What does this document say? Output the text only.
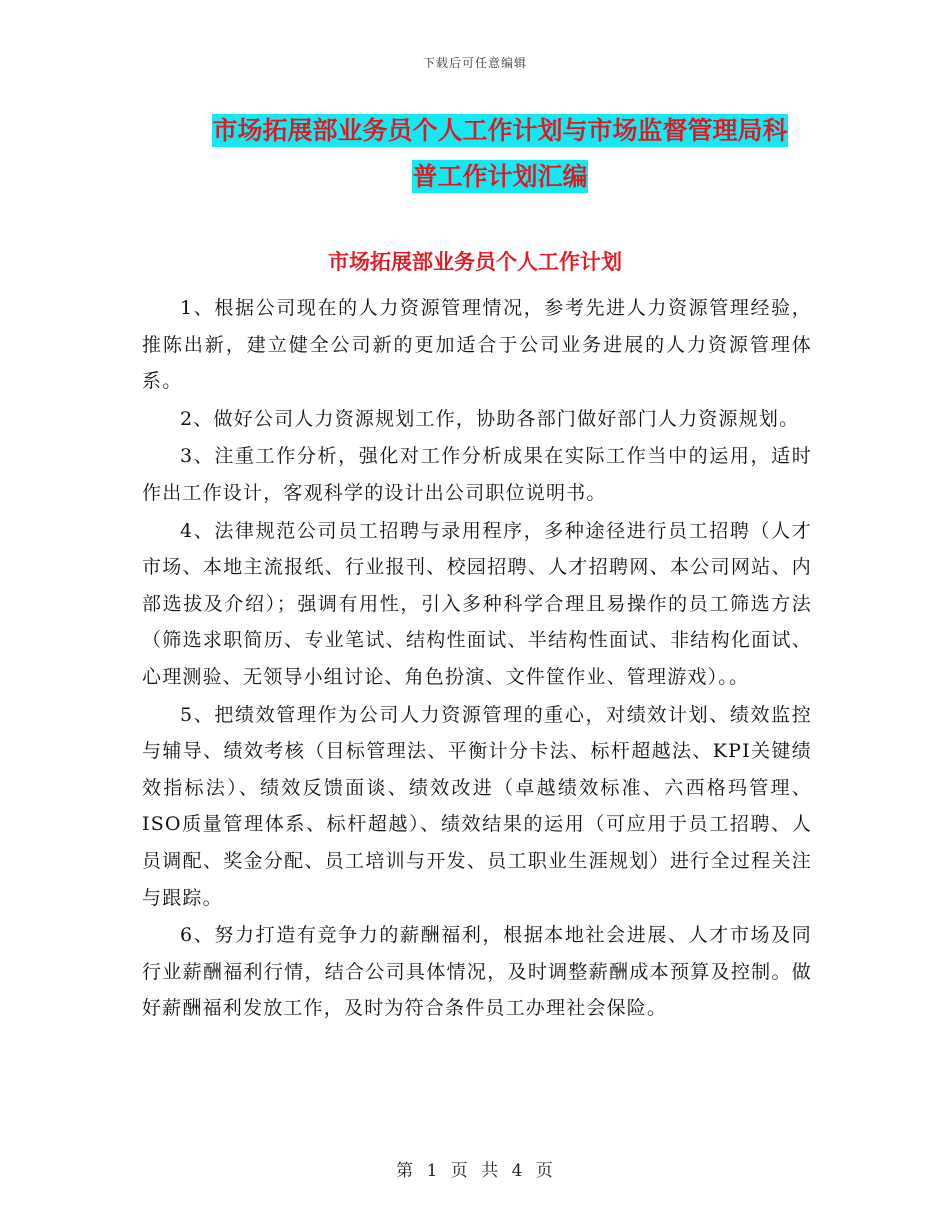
下载后可任意编辑
市场拓展部业务员个人工作计划与市场监督管理局科
普工作计划汇编
市场拓展部业务员个人工作计划

1、根据公司现在的人力资源管理情况，参考先进人力资源管理经验，推陈出新，建立健全公司新的更加适合于公司业务进展的人力资源管理体系。

2、做好公司人力资源规划工作，协助各部门做好部门人力资源规划。

3、注重工作分析，强化对工作分析成果在实际工作当中的运用，适时作出工作设计，客观科学的设计出公司职位说明书。

4、法律规范公司员工招聘与录用程序，多种途径进行员工招聘（人才市场、本地主流报纸、行业报刊、校园招聘、人才招聘网、本公司网站、内部选拔及介绍）；强调有用性，引入多种科学合理且易操作的员工筛选方法（筛选求职简历、专业笔试、结构性面试、半结构性面试、非结构化面试、心理测验、无领导小组讨论、角色扮演、文件筐作业、管理游戏）。。

5、把绩效管理作为公司人力资源管理的重心，对绩效计划、绩效监控与辅导、绩效考核（目标管理法、平衡计分卡法、标杆超越法、KPI关键绩效指标法）、绩效反馈面谈、绩效改进（卓越绩效标准、六西格玛管理、ISO质量管理体系、标杆超越）、绩效结果的运用（可应用于员工招聘、人员调配、奖金分配、员工培训与开发、员工职业生涯规划）进行全过程关注与跟踪。

6、努力打造有竞争力的薪酬福利，根据本地社会进展、人才市场及同行业薪酬福利行情，结合公司具体情况，及时调整薪酬成本预算及控制。做好薪酬福利发放工作，及时为符合条件员工办理社会保险。

第 1 页 共 4 页
